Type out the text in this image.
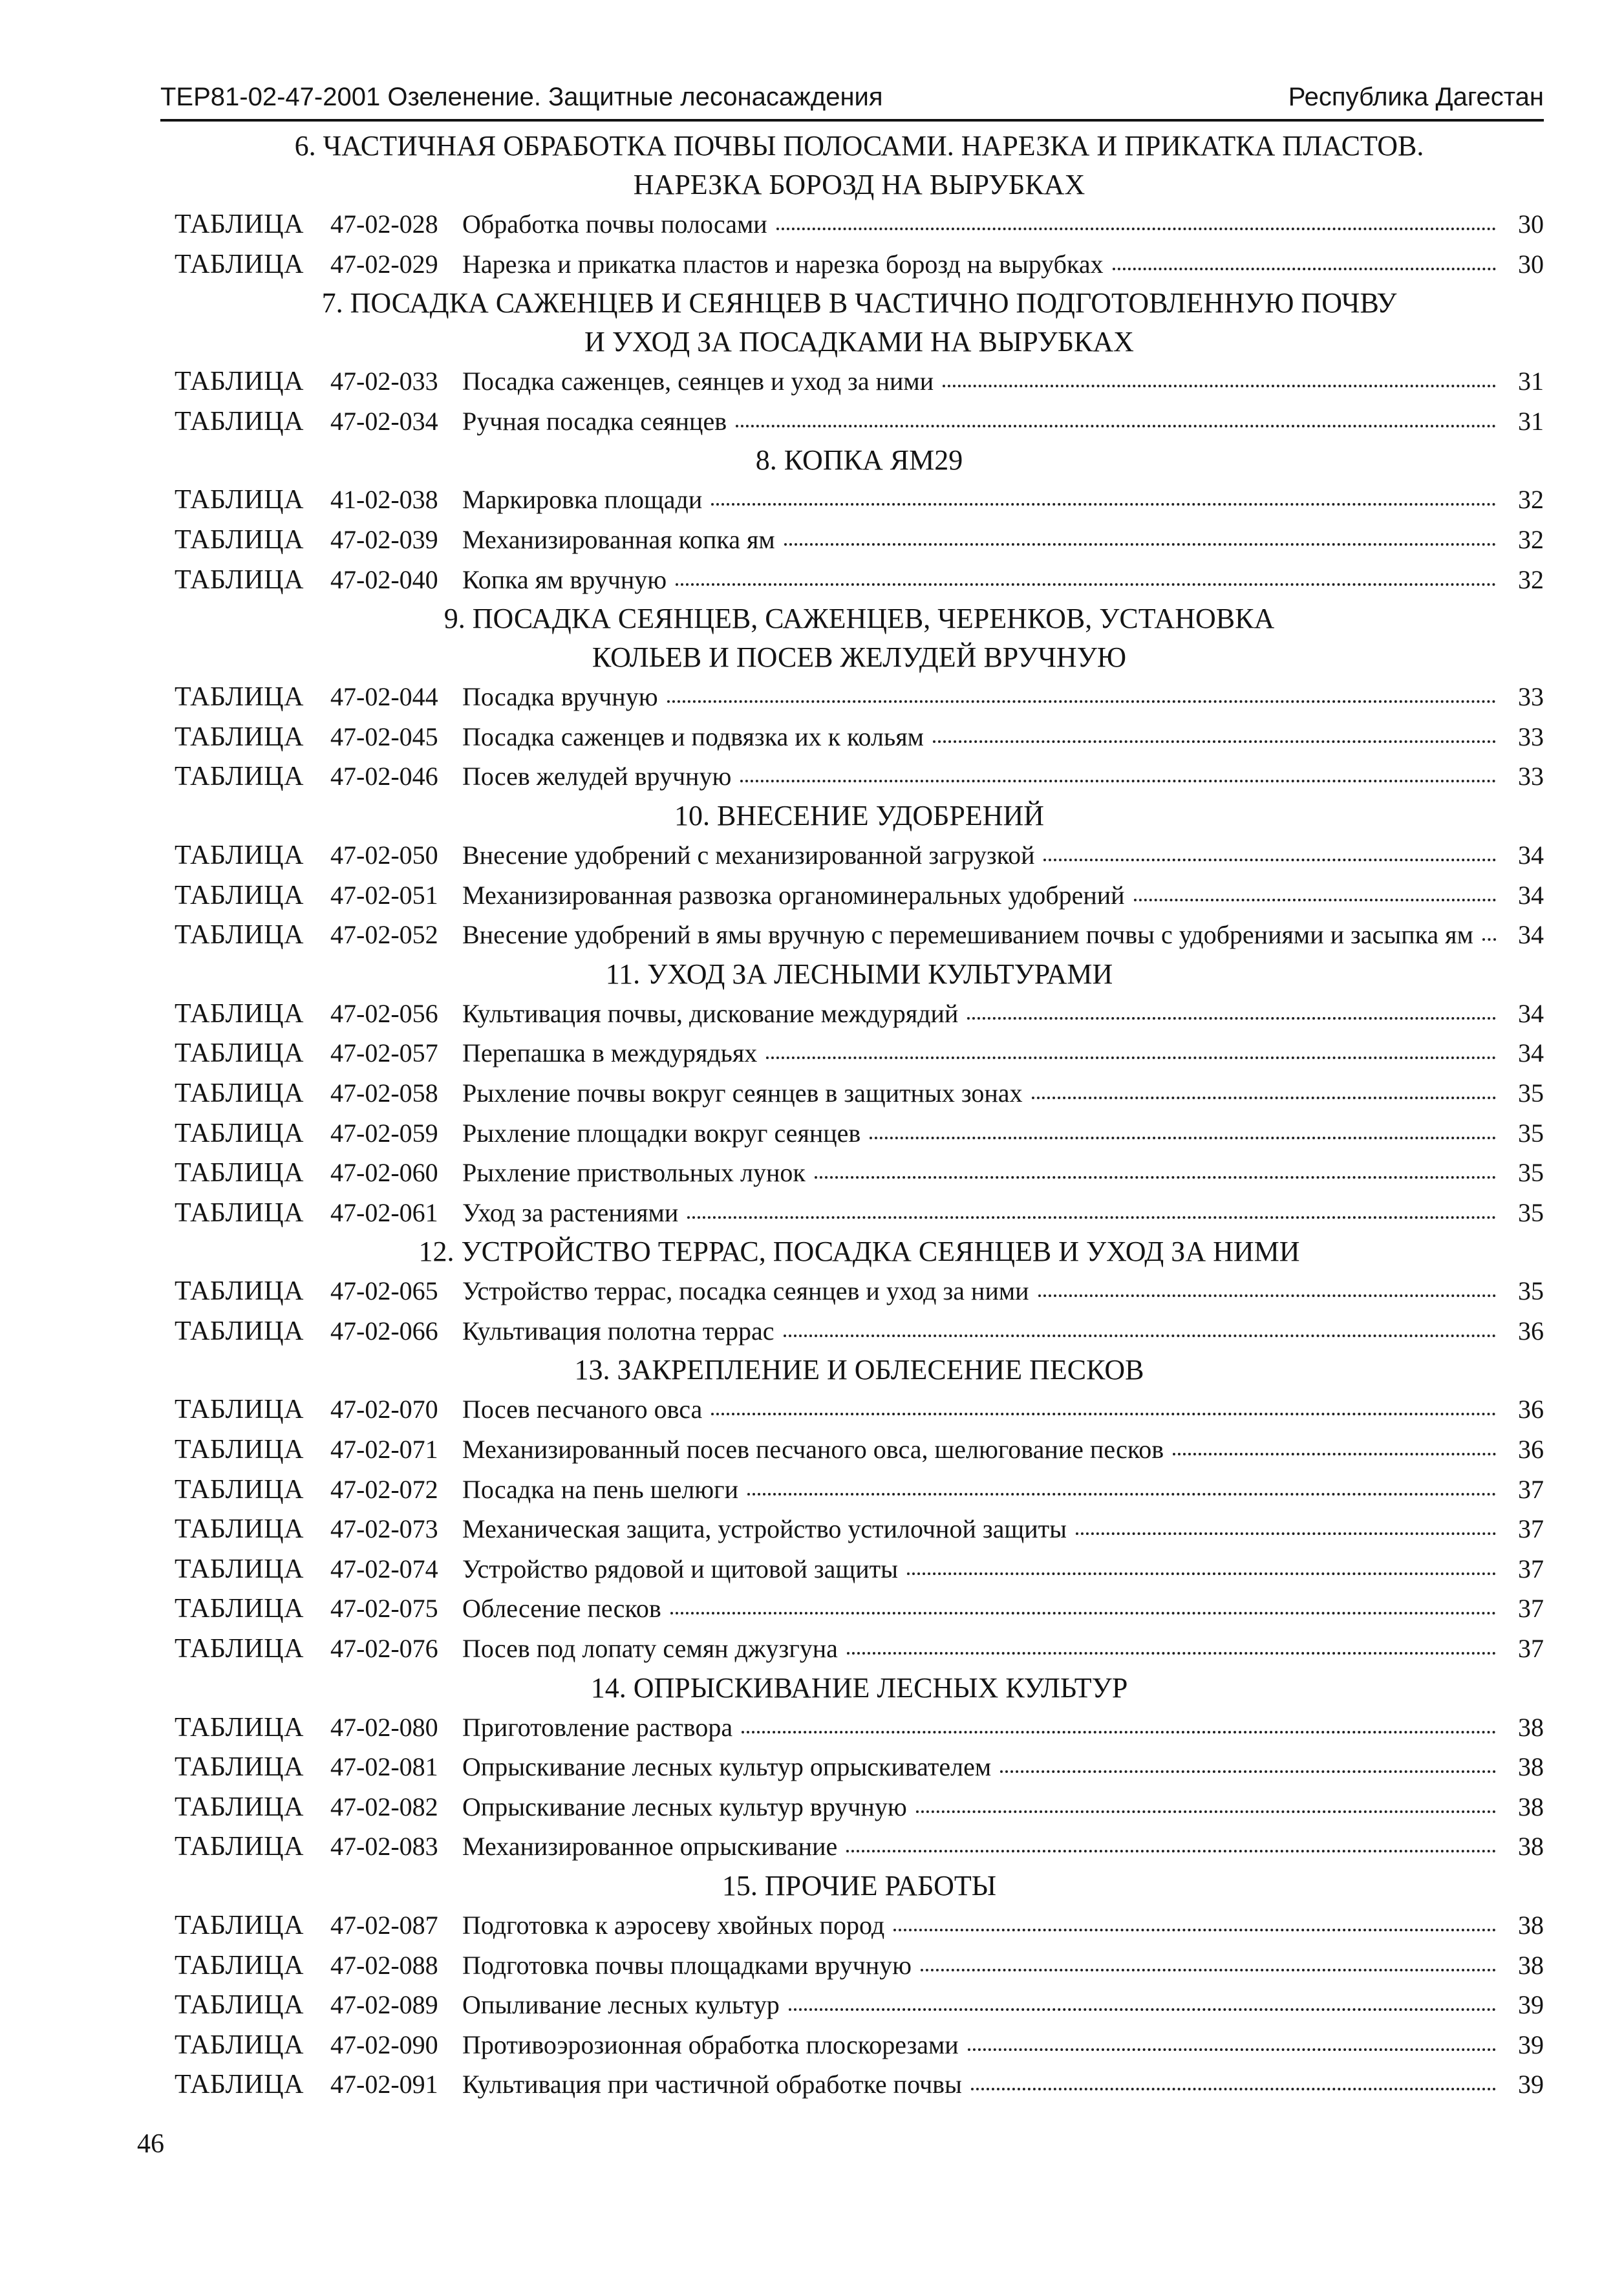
ТЕР81-02-47-2001 Озеленение. Защитные лесонасаждения	Республика Дагестан
6. ЧАСТИЧНАЯ ОБРАБОТКА ПОЧВЫ ПОЛОСАМИ. НАРЕЗКА И ПРИКАТКА ПЛАСТОВ.
НАРЕЗКА БОРОЗД НА ВЫРУБКАХ
ТАБЛИЦА	47-02-028 Обработка почвы полосами	30
ТАБЛИЦА	47-02-029 Нарезка и прикатка пластов и нарезка борозд на вырубках	30
7. ПОСАДКА САЖЕНЦЕВ И СЕЯНЦЕВ В ЧАСТИЧНО ПОДГОТОВЛЕННУЮ ПОЧВУ
И УХОД ЗА ПОСАДКАМИ НА ВЫРУБКАХ
ТАБЛИЦА	47-02-033 Посадка саженцев, сеянцев и уход за ними	31
ТАБЛИЦА	47-02-034 Ручная посадка сеянцев	31
8. КОПКА ЯМ29
ТАБЛИЦА	41-02-038 Маркировка площади	32
ТАБЛИЦА	47-02-039 Механизированная копка ям	32
ТАБЛИЦА	47-02-040 Копка ям вручную	32
9. ПОСАДКА СЕЯНЦЕВ, САЖЕНЦЕВ, ЧЕРЕНКОВ, УСТАНОВКА
КОЛЬЕВ И ПОСЕВ ЖЕЛУДЕЙ ВРУЧНУЮ
ТАБЛИЦА	47-02-044 Посадка вручную	33
ТАБЛИЦА	47-02-045 Посадка саженцев и подвязка их к кольям	33
ТАБЛИЦА	47-02-046 Посев желудей вручную	33
10. ВНЕСЕНИЕ УДОБРЕНИЙ
ТАБЛИЦА	47-02-050 Внесение удобрений с механизированной загрузкой	34
ТАБЛИЦА	47-02-051 Механизированная развозка органоминеральных удобрений	34
ТАБЛИЦА	47-02-052 Внесение удобрений в ямы вручную с перемешиванием почвы с удобрениями и засыпка ям	34
11. УХОД ЗА ЛЕСНЫМИ КУЛЬТУРАМИ
ТАБЛИЦА	47-02-056 Культивация почвы, дискование междурядий	34
ТАБЛИЦА	47-02-057 Перепашка в междурядьях	34
ТАБЛИЦА	47-02-058 Рыхление почвы вокруг сеянцев в защитных зонах	35
ТАБЛИЦА	47-02-059 Рыхление площадки вокруг сеянцев	35
ТАБЛИЦА	47-02-060 Рыхление приствольных лунок	35
ТАБЛИЦА	47-02-061 Уход за растениями	35
12. УСТРОЙСТВО ТЕРРАС, ПОСАДКА СЕЯНЦЕВ И УХОД ЗА НИМИ
ТАБЛИЦА	47-02-065 Устройство террас, посадка сеянцев и уход за ними	35
ТАБЛИЦА	47-02-066 Культивация полотна террас	36
13. ЗАКРЕПЛЕНИЕ И ОБЛЕСЕНИЕ ПЕСКОВ
ТАБЛИЦА	47-02-070 Посев песчаного овса	36
ТАБЛИЦА	47-02-071 Механизированный посев песчаного овса, шелюгование песков	36
ТАБЛИЦА	47-02-072 Посадка на пень шелюги	37
ТАБЛИЦА	47-02-073 Механическая защита, устройство устилочной защиты	37
ТАБЛИЦА	47-02-074 Устройство рядовой и щитовой защиты	37
ТАБЛИЦА	47-02-075 Облесение песков	37
ТАБЛИЦА	47-02-076 Посев под лопату семян джузгуна	37
14. ОПРЫСКИВАНИЕ ЛЕСНЫХ КУЛЬТУР
ТАБЛИЦА	47-02-080 Приготовление раствора	38
ТАБЛИЦА	47-02-081 Опрыскивание лесных культур опрыскивателем	38
ТАБЛИЦА	47-02-082 Опрыскивание лесных культур вручную	38
ТАБЛИЦА	47-02-083 Механизированное опрыскивание	38
15. ПРОЧИЕ РАБОТЫ
ТАБЛИЦА	47-02-087 Подготовка к аэросеву хвойных пород	38
ТАБЛИЦА	47-02-088 Подготовка почвы площадками вручную	38
ТАБЛИЦА	47-02-089 Опыливание лесных культур	39
ТАБЛИЦА	47-02-090 Противоэрозионная обработка плоскорезами	39
ТАБЛИЦА	47-02-091 Культивация при частичной обработке почвы	39
46
